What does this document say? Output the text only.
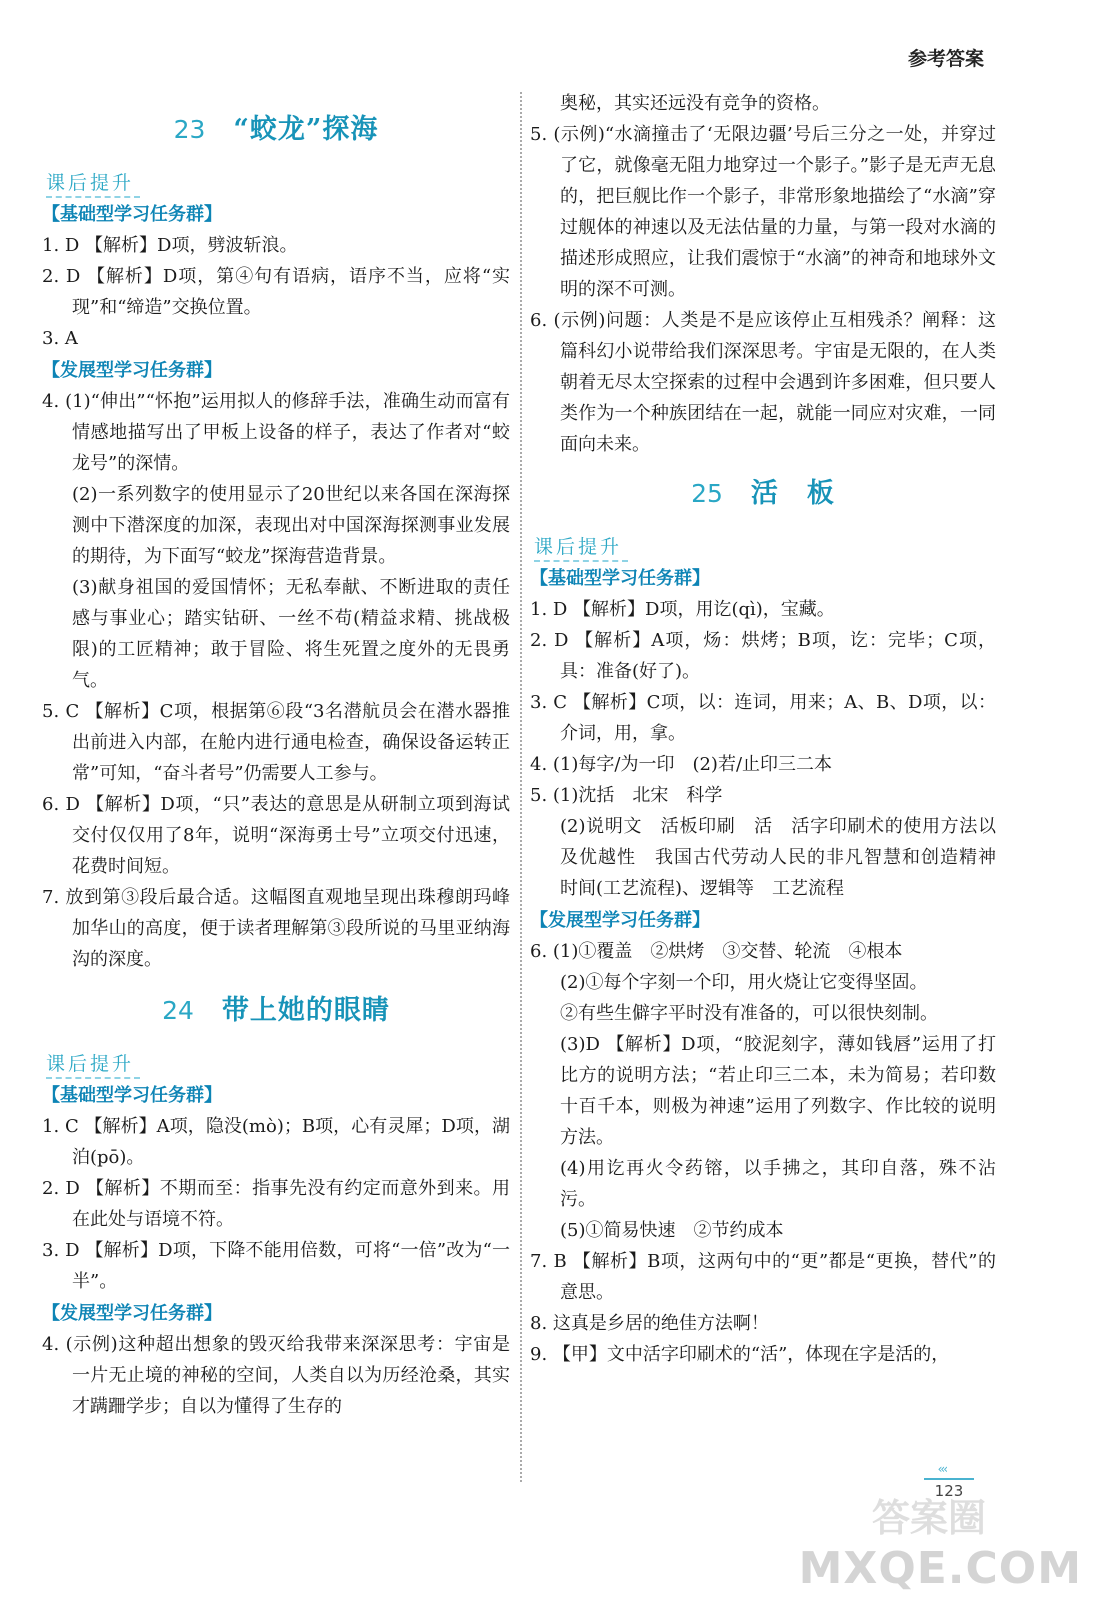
参考答案
23 “蛟龙”探海
课后提升
【基础型学习任务群】
1. D 【解析】D项，劈波斩浪。
2. D 【解析】D项，第④句有语病，语序不当，应将“实现”和“缔造”交换位置。
3. A
【发展型学习任务群】
4. (1)“伸出”“怀抱”运用拟人的修辞手法，准确生动而富有情感地描写出了甲板上设备的样子，表达了作者对“蛟龙号”的深情。
(2)一系列数字的使用显示了20世纪以来各国在深海探测中下潜深度的加深，表现出对中国深海探测事业发展的期待，为下面写“蛟龙”探海营造背景。
(3)献身祖国的爱国情怀；无私奉献、不断进取的责任感与事业心；踏实钻研、一丝不苟(精益求精、挑战极限)的工匠精神；敢于冒险、将生死置之度外的无畏勇气。
5. C 【解析】C项，根据第⑥段“3名潜航员会在潜水器推出前进入内部，在舱内进行通电检查，确保设备运转正常”可知，“奋斗者号”仍需要人工参与。
6. D 【解析】D项，“只”表达的意思是从研制立项到海试交付仅仅用了8年，说明“深海勇士号”立项交付迅速，花费时间短。
7. 放到第③段后最合适。这幅图直观地呈现出珠穆朗玛峰加华山的高度，便于读者理解第③段所说的马里亚纳海沟的深度。
24 带上她的眼睛
课后提升
【基础型学习任务群】
1. C 【解析】A项，隐没(mò)；B项，心有灵犀；D项，湖泊(pō)。
2. D 【解析】不期而至：指事先没有约定而意外到来。用在此处与语境不符。
3. D 【解析】D项，下降不能用倍数，可将“一倍”改为“一半”。
【发展型学习任务群】
4. (示例)这种超出想象的毁灭给我带来深深思考：宇宙是一片无止境的神秘的空间，人类自以为历经沧桑，其实才蹒跚学步；自以为懂得了生存的
奥秘，其实还远没有竞争的资格。
5. (示例)“水滴撞击了‘无限边疆’号后三分之一处，并穿过了它，就像毫无阻力地穿过一个影子。”影子是无声无息的，把巨舰比作一个影子，非常形象地描绘了“水滴”穿过舰体的神速以及无法估量的力量，与第一段对水滴的描述形成照应，让我们震惊于“水滴”的神奇和地球外文明的深不可测。
6. (示例)问题：人类是不是应该停止互相残杀？阐释：这篇科幻小说带给我们深深思考。宇宙是无限的，在人类朝着无尽太空探索的过程中会遇到许多困难，但只要人类作为一个种族团结在一起，就能一同应对灾难，一同面向未来。
25 活　板
课后提升
【基础型学习任务群】
1. D 【解析】D项，用讫(qì)，宝藏。
2. D 【解析】A项，炀：烘烤；B项，讫：完毕；C项，具：准备(好了)。
3. C 【解析】C项，以：连词，用来；A、B、D项，以：介词，用，拿。
4. (1)每字/为一印　(2)若/止印三二本
5. (1)沈括　北宋　科学
(2)说明文　活板印刷　活　活字印刷术的使用方法以及优越性　我国古代劳动人民的非凡智慧和创造精神　时间(工艺流程)、逻辑等　工艺流程
【发展型学习任务群】
6. (1)①覆盖　②烘烤　③交替、轮流　④根本
(2)①每个字刻一个印，用火烧让它变得坚固。
②有些生僻字平时没有准备的，可以很快刻制。
(3)D 【解析】D项，“胶泥刻字，薄如钱唇”运用了打比方的说明方法；“若止印三二本，未为简易；若印数十百千本，则极为神速”运用了列数字、作比较的说明方法。
(4)用讫再火令药镕，以手拂之，其印自落，殊不沾污。
(5)①简易快速　②节约成本
7. B 【解析】B项，这两句中的“更”都是“更换，替代”的意思。
8. 这真是乡居的绝佳方法啊！
9. 【甲】文中活字印刷术的“活”，体现在字是活的，
‹‹‹
123
答案圈
MXQE.COM
